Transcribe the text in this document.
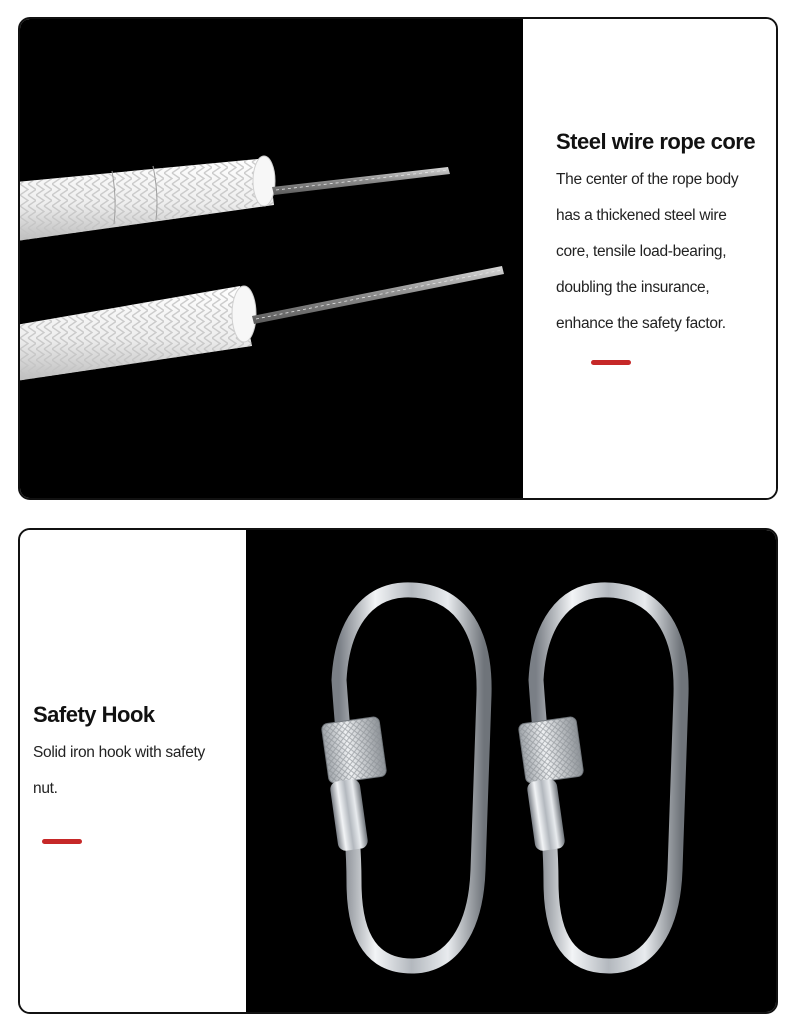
Steel wire rope core
The center of the rope body
has a thickened steel wire
core, tensile load-bearing,
doubling the insurance,
enhance the safety factor.
Safety Hook
Solid iron hook with safety
nut.
